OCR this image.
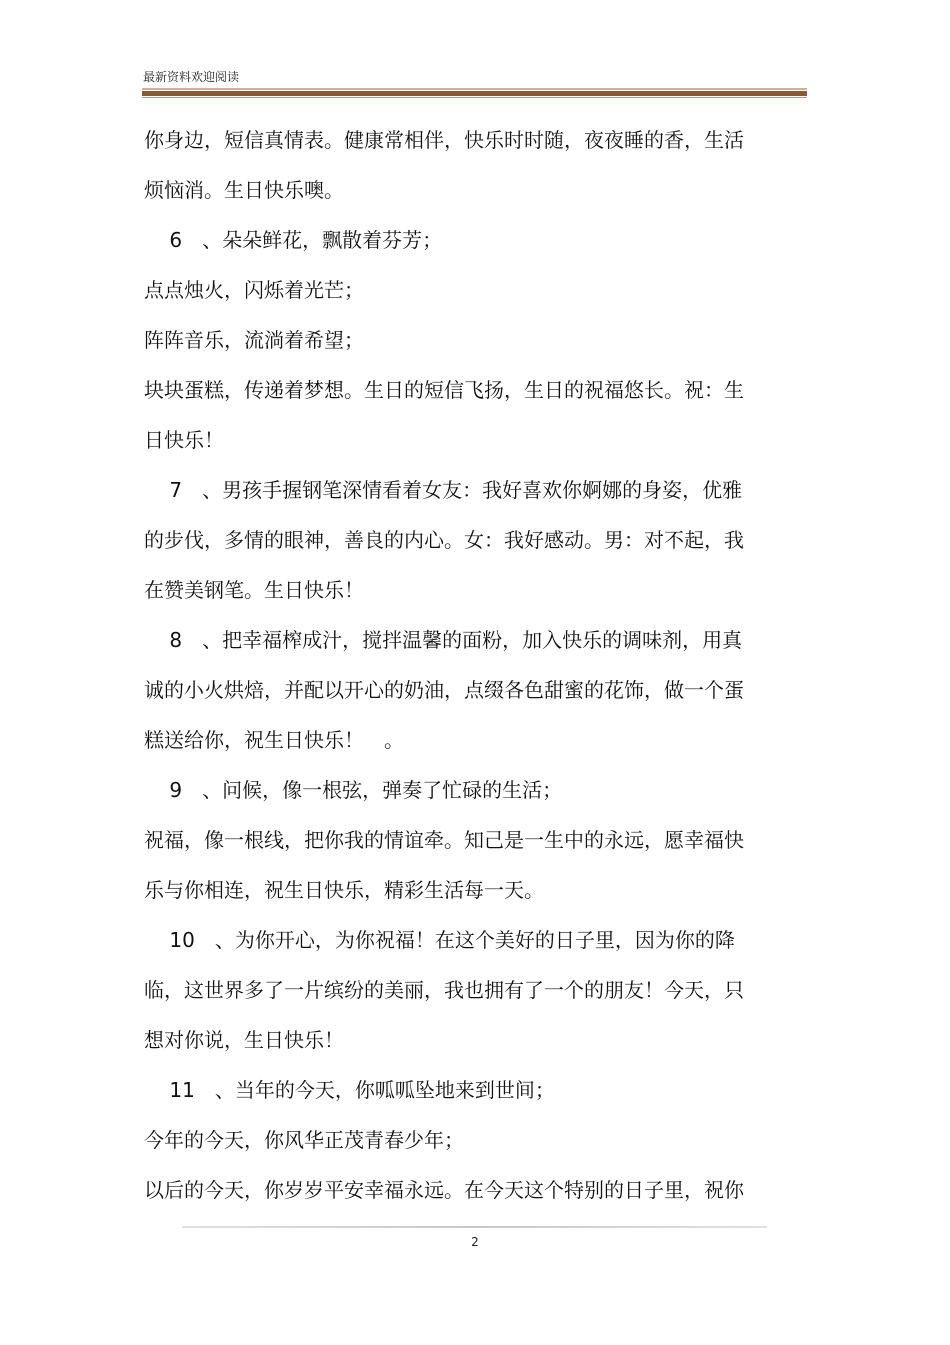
最新资料欢迎阅读
你身边，短信真情表。健康常相伴，快乐时时随，夜夜睡的香，生活
烦恼消。生日快乐噢。
6　、朵朵鲜花，飘散着芬芳；
点点烛火，闪烁着光芒；
阵阵音乐，流淌着希望；
块块蛋糕，传递着梦想。生日的短信飞扬，生日的祝福悠长。祝：生
日快乐！
7　、男孩手握钢笔深情看着女友：我好喜欢你婀娜的身姿，优雅
的步伐，多情的眼神，善良的内心。女：我好感动。男：对不起，我
在赞美钢笔。生日快乐！
8　、把幸福榨成汁，搅拌温馨的面粉，加入快乐的调味剂，用真
诚的小火烘焙，并配以开心的奶油，点缀各色甜蜜的花饰，做一个蛋
糕送给你，祝生日快乐！　。
9　、问候，像一根弦，弹奏了忙碌的生活；
祝福，像一根线，把你我的情谊牵。知己是一生中的永远，愿幸福快
乐与你相连，祝生日快乐，精彩生活每一天。
10　、为你开心，为你祝福！在这个美好的日子里，因为你的降
临，这世界多了一片缤纷的美丽，我也拥有了一个的朋友！今天，只
想对你说，生日快乐！
11　、当年的今天，你呱呱坠地来到世间；
今年的今天，你风华正茂青春少年；
以后的今天，你岁岁平安幸福永远。在今天这个特别的日子里，祝你
2
